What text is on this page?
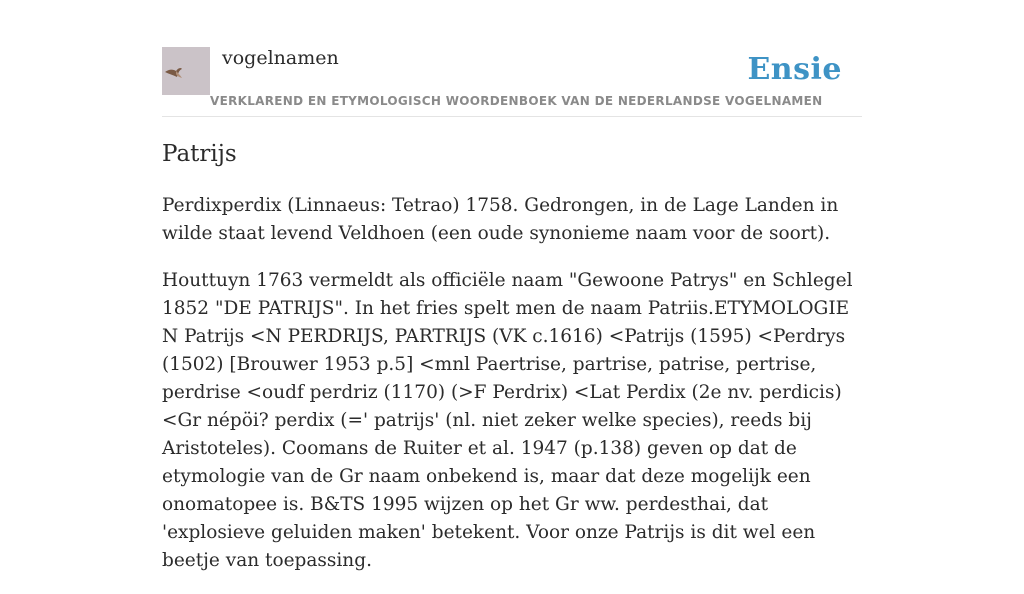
vogelnamen	Ensie
VERKLAREND EN ETYMOLOGISCH WOORDENBOEK VAN DE NEDERLANDSE VOGELNAMEN
Patrijs

Perdixperdix (Linnaeus: Tetrao) 1758. Gedrongen, in de Lage Landen in wilde staat levend Veldhoen (een oude synonieme naam voor de soort).

Houttuyn 1763 vermeldt als officiële naam "Gewoone Patrys" en Schlegel 1852 "DE PATRIJS". In het fries spelt men de naam Patriis.ETYMOLOGIE N Patrijs <N PERDRIJS, PARTRIJS (VK c.1616) <Patrijs (1595) <Perdrys (1502) [Brouwer 1953 p.5] <mnl Paertrise, partrise, patrise, pertrise, perdrise <oudf perdriz (1170) (>F Perdrix) <Lat Perdix (2e nv. perdicis) <Gr népöi? perdix (=' patrijs' (nl. niet zeker welke species), reeds bij Aristoteles). Coomans de Ruiter et al. 1947 (p.138) geven op dat de etymologie van de Gr naam onbekend is, maar dat deze mogelijk een onomatopee is. B&TS 1995 wijzen op het Gr ww. perdesthai, dat 'explosieve geluiden maken' betekent. Voor onze Patrijs is dit wel een beetje van toepassing.
